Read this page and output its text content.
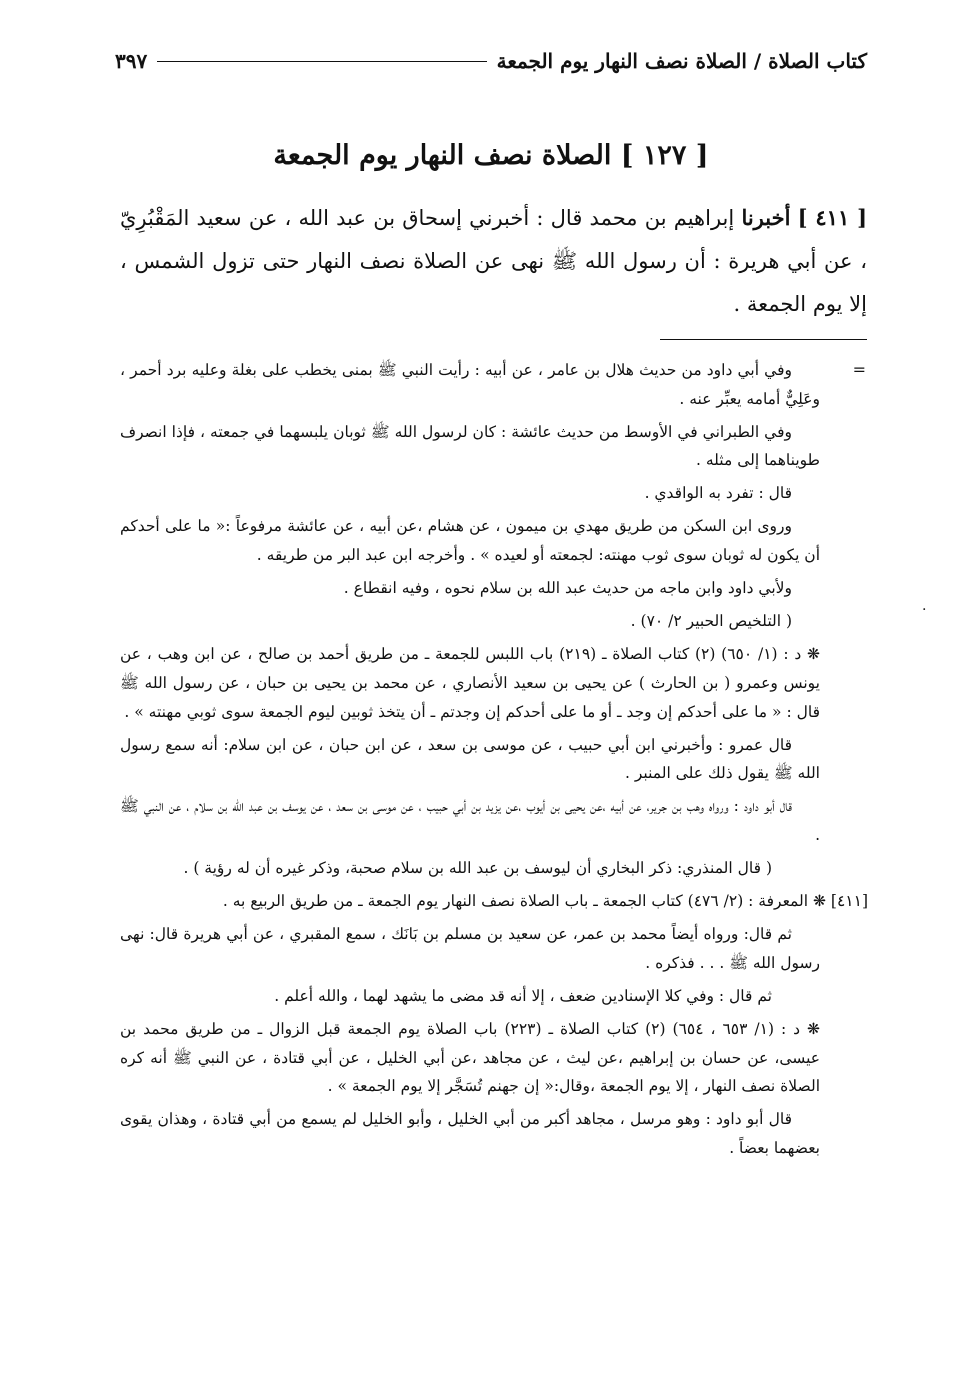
كتاب الصلاة / الصلاة نصف النهار يوم الجمعة
٣٩٧
[ ١٢٧ ] الصلاة نصف النهار يوم الجمعة

[ ٤١١ ] أخبرنا إبراهيم بن محمد قال : أخبرني إسحاق بن عبد الله ، عن سعيد المَقْبُرِيّ ، عن أبي هريرة : أن رسول الله ﷺ نهى عن الصلاة نصف النهار حتى تزول الشمس ، إلا يوم الجمعة .

=
.

وفي أبي داود من حديث هلال بن عامر ، عن أبيه : رأيت النبي ﷺ بمنى يخطب على بغلة وعليه برد أحمر ، وعَلِيٌّ أمامه يعبِّر عنه .

وفي الطبراني في الأوسط من حديث عائشة : كان لرسول الله ﷺ ثوبان يلبسهما في جمعته ، فإذا انصرف طويناهما إلى مثله .

قال : تفرد به الواقدي .

وروى ابن السكن من طريق مهدي بن ميمون ، عن هشام ،عن أبيه ، عن عائشة مرفوعاً :« ما على أحدكم أن يكون له ثوبان سوى ثوب مهنته: لجمعته أو لعيده » . وأخرجه ابن عبد البر من طريقه .

ولأبي داود وابن ماجه من حديث عبد الله بن سلام نحوه ، وفيه انقطاع .

( التلخيص الحبير ٢/ ٧٠) .

❋ د : (١/ ٦٥٠) (٢) كتاب الصلاة ـ (٢١٩) باب اللبس للجمعة ـ من طريق أحمد بن صالح ، عن ابن وهب ، عن يونس وعمرو ( بن الحارث ) عن يحيى بن سعيد الأنصاري ، عن محمد بن يحيى بن حبان ، عن رسول الله ﷺ قال : « ما على أحدكم إن وجد ـ أو ما على أحدكم إن وجدتم ـ أن يتخذ ثوبين ليوم الجمعة سوى ثوبي مهنته » .

قال عمرو : وأخبرني ابن أبي حبيب ، عن موسى بن سعد ، عن ابن حبان ، عن ابن سلام: أنه سمع رسول الله ﷺ يقول ذلك على المنبر .

قال أبو داود : ورواه وهب بن جرير، عن أبيه ،عن يحيى بن أيوب ،عن يزيد بن أبي حبيب ، عن موسى بن سعد ، عن يوسف بن عبد الله بن سلام ، عن النبي ﷺ .

( قال المنذري: ذكر البخاري أن ليوسف بن عبد الله بن سلام صحبة، وذكر غيره أن له رؤية ) .

[٤١١] ❋ المعرفة : (٢/ ٤٧٦) كتاب الجمعة ـ باب الصلاة نصف النهار يوم الجمعة ـ من طريق الربيع به .

ثم قال: ورواه أيضاً محمد بن عمر، عن سعيد بن مسلم بن بَانَك ، سمع المقبري ، عن أبي هريرة قال: نهى رسول الله ﷺ . . . فذكره .

ثم قال : وفي كلا الإسنادين ضعف ، إلا أنه قد مضى ما يشهد لهما ، والله أعلم .

❋ د : (١/ ٦٥٣ ، ٦٥٤) (٢) كتاب الصلاة ـ (٢٢٣) باب الصلاة يوم الجمعة قبل الزوال ـ من طريق محمد بن عيسى، عن حسان بن إبراهيم ،عن ليث ، عن مجاهد ،عن أبي الخليل ، عن أبي قتادة ، عن النبي ﷺ أنه كره الصلاة نصف النهار ، إلا يوم الجمعة ،وقال:« إن جهنم تُسَجَّر إلا يوم الجمعة » .

قال أبو داود : وهو مرسل ، مجاهد أكبر من أبي الخليل ، وأبو الخليل لم يسمع من أبي قتادة ، وهذان يقوى بعضهما بعضاً .
